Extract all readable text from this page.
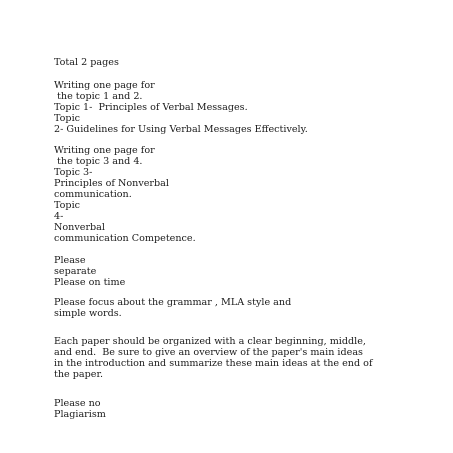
Total 2 pages

Writing one page for

the topic 1 and 2.

Topic 1-  Principles of Verbal Messages.

Topic

2- Guidelines for Using Verbal Messages Effectively.

Writing one page for

the topic 3 and 4.

Topic 3-

Principles of Nonverbal

communication.

Topic

4-

Nonverbal

communication Competence.

Please

separate

Please on time

Please focus about the grammar , MLA style and

simple words.

Each paper should be organized with a clear beginning, middle,

and end.  Be sure to give an overview of the paper's main ideas

in the introduction and summarize these main ideas at the end of

the paper.

Please no

Plagiarism
